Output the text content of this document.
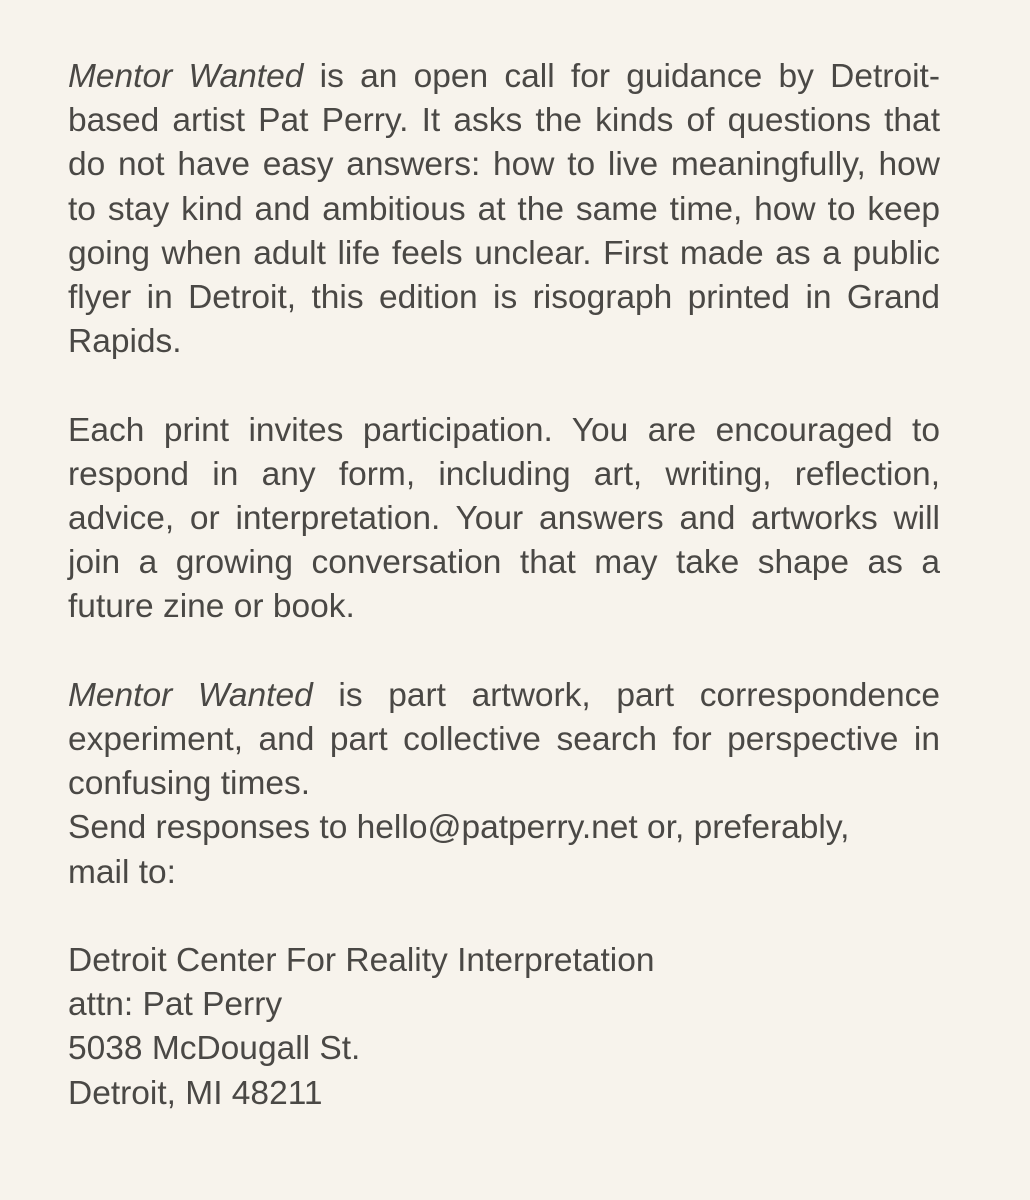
Mentor Wanted is an open call for guidance by Detroit-based artist Pat Perry. It asks the kinds of questions that do not have easy answers: how to live meaningfully, how to stay kind and ambitious at the same time, how to keep going when adult life feels unclear. First made as a public flyer in Detroit, this edition is risograph printed in Grand Rapids.

Each print invites participation. You are encouraged to respond in any form, including art, writing, reflection, advice, or interpretation. Your answers and artworks will join a growing conversation that may take shape as a future zine or book.

Mentor Wanted is part artwork, part correspondence experiment, and part collective search for perspective in confusing times.
Send responses to hello@patperry.net or, preferably,
mail to:

Detroit Center For Reality Interpretation
attn: Pat Perry
5038 McDougall St.
Detroit, MI 48211
